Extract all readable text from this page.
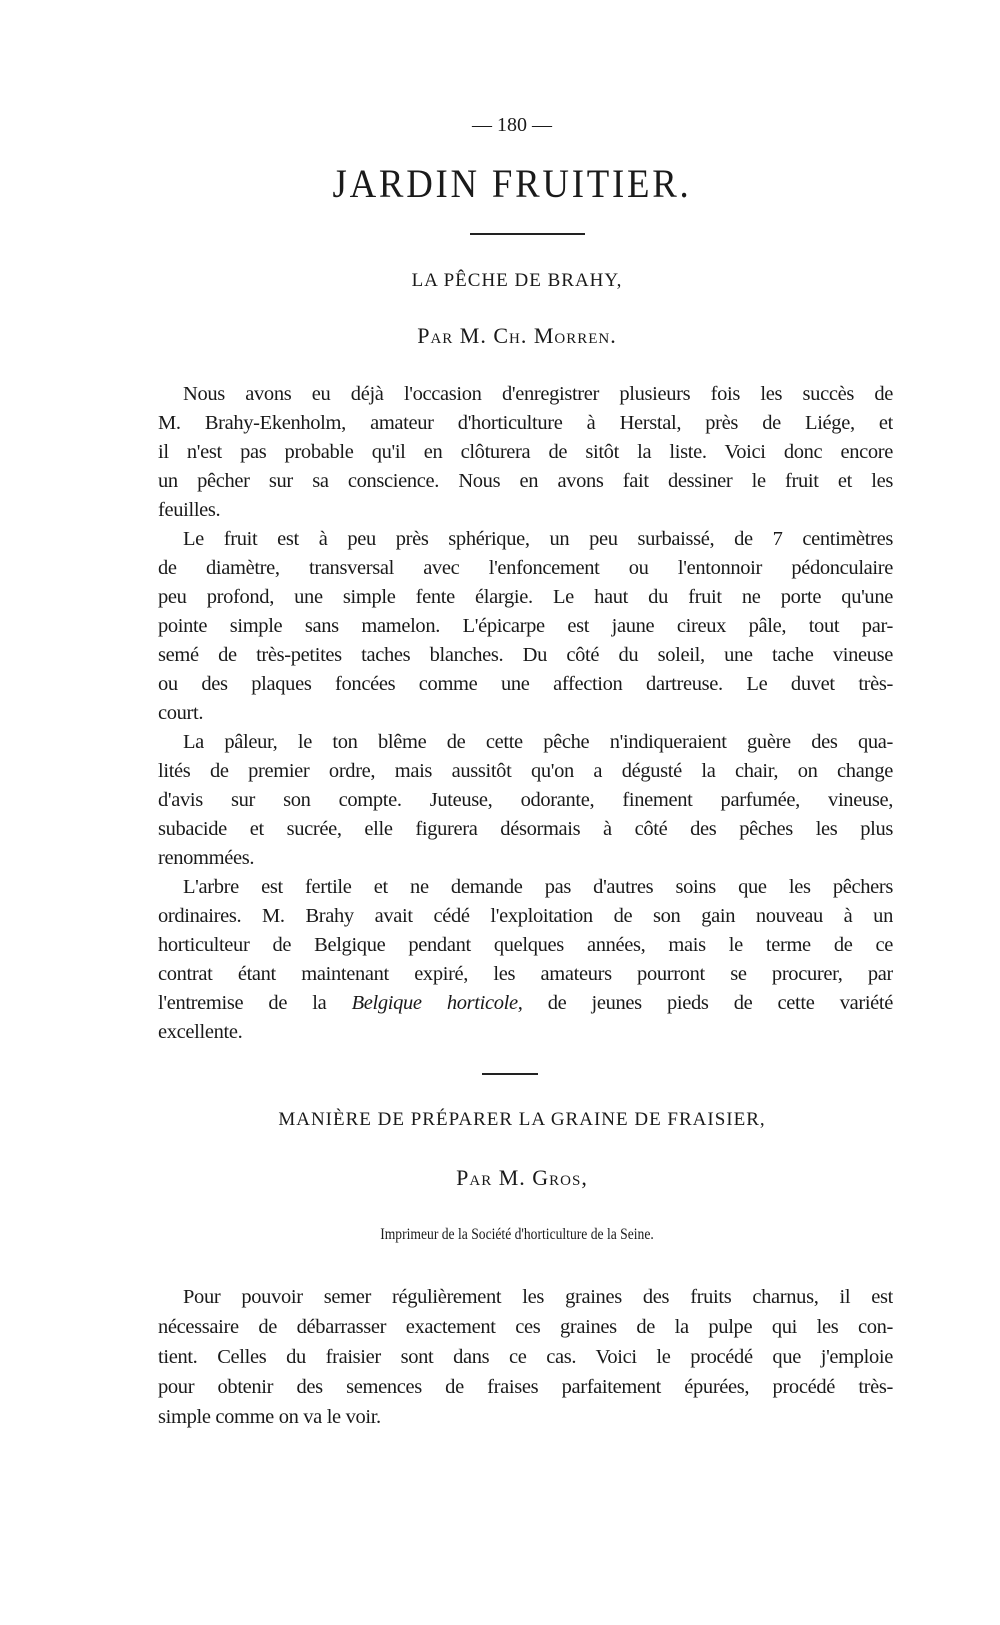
— 180 —
JARDIN FRUITIER.
LA PÊCHE DE BRAHY,
Par M. Ch. Morren.
Nous avons eu déjà l'occasion d'enregistrer plusieurs fois les succès de
M. Brahy-Ekenholm, amateur d'horticulture à Herstal, près de Liége, et
il n'est pas probable qu'il en clôturera de sitôt la liste. Voici donc encore
un pêcher sur sa conscience. Nous en avons fait dessiner le fruit et les
feuilles.
Le fruit est à peu près sphérique, un peu surbaissé, de 7 centimètres
de diamètre, transversal avec l'enfoncement ou l'entonnoir pédonculaire
peu profond, une simple fente élargie. Le haut du fruit ne porte qu'une
pointe simple sans mamelon. L'épicarpe est jaune cireux pâle, tout par-
semé de très-petites taches blanches. Du côté du soleil, une tache vineuse
ou des plaques foncées comme une affection dartreuse. Le duvet très-
court.
La pâleur, le ton blême de cette pêche n'indiqueraient guère des qua-
lités de premier ordre, mais aussitôt qu'on a dégusté la chair, on change
d'avis sur son compte. Juteuse, odorante, finement parfumée, vineuse,
subacide et sucrée, elle figurera désormais à côté des pêches les plus
renommées.
L'arbre est fertile et ne demande pas d'autres soins que les pêchers
ordinaires. M. Brahy avait cédé l'exploitation de son gain nouveau à un
horticulteur de Belgique pendant quelques années, mais le terme de ce
contrat étant maintenant expiré, les amateurs pourront se procurer, par
l'entremise de la Belgique horticole, de jeunes pieds de cette variété
excellente.
MANIÈRE DE PRÉPARER LA GRAINE DE FRAISIER,
Par M. Gros,
Imprimeur de la Société d'horticulture de la Seine.
Pour pouvoir semer régulièrement les graines des fruits charnus, il est
nécessaire de débarrasser exactement ces graines de la pulpe qui les con-
tient. Celles du fraisier sont dans ce cas. Voici le procédé que j'emploie
pour obtenir des semences de fraises parfaitement épurées, procédé très-
simple comme on va le voir.
